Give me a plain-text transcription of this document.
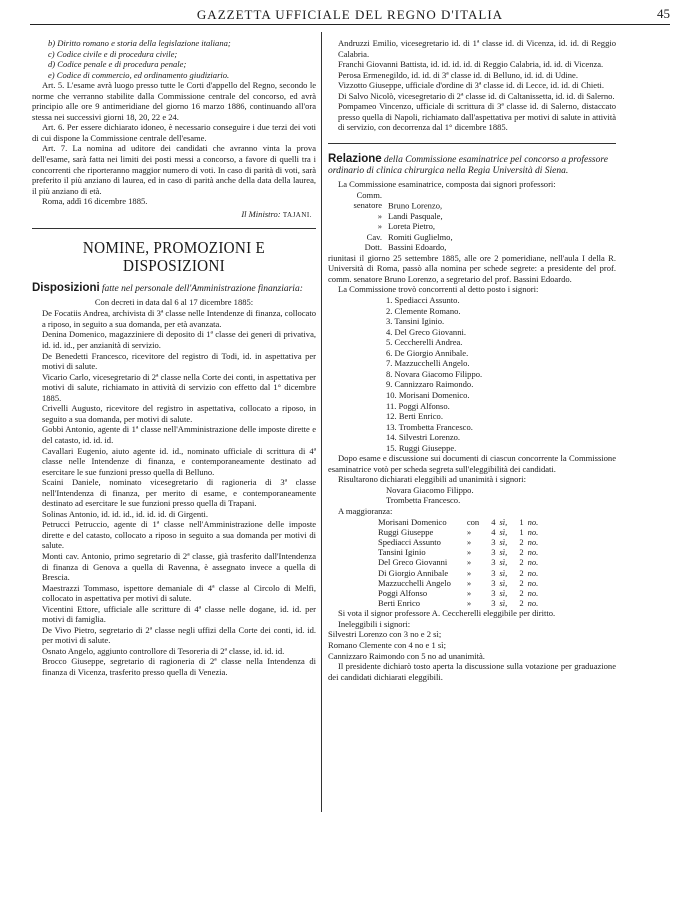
GAZZETTA UFFICIALE DEL REGNO D'ITALIA	45

b) Diritto romano e storia della legislazione italiana;

c) Codice civile e di procedura civile;

d) Codice penale e di procedura penale;

e) Codice di commercio, ed ordinamento giudiziario.

Art. 5. L'esame avrà luogo presso tutte le Corti d'appello del Regno, secondo le norme che verranno stabilite dalla Commissione centrale del concorso, ed avrà principio alle ore 9 antimeridiane del giorno 16 marzo 1886, continuando all'ora stessa nei successivi giorni 18, 20, 22 e 24.

Art. 6. Per essere dichiarato idoneo, è necessario conseguire i due terzi dei voti di cui dispone la Commissione centrale dell'esame.

Art. 7. La nomina ad uditore dei candidati che avranno vinta la prova dell'esame, sarà fatta nei limiti dei posti messi a concorso, a favore di quelli tra i concorrenti che riporteranno maggior numero di voti. In caso di parità di voti, sarà preferito il più anziano di laurea, ed in caso di parità anche della data della laurea, il più anziano di età.

Roma, addì 16 dicembre 1885.

Il Ministro: TAJANI.

NOMINE, PROMOZIONI E DISPOSIZIONI
Disposizioni fatte nel personale dell'Amministrazione finanziaria:

Con decreti in data dal 6 al 17 dicembre 1885:

De Focatiis Andrea, archivista di 3ª classe nelle Intendenze di finanza, collocato a riposo, in seguito a sua domanda, per età avanzata.

Denina Domenico, magazziniere di deposito di 1ª classe dei generi di privativa, id. id. id., per anzianità di servizio.

De Benedetti Francesco, ricevitore del registro di Todi, id. in aspettativa per motivi di salute.

Vicario Carlo, vicesegretario di 2ª classe nella Corte dei conti, in aspettativa per motivi di salute, richiamato in attività di servizio con effetto dal 1° dicembre 1885.

Crivelli Augusto, ricevitore del registro in aspettativa, collocato a riposo, in seguito a sua domanda, per motivi di salute.

Gobbi Antonio, agente di 1ª classe nell'Amministrazione delle imposte dirette e del catasto, id. id. id.

Cavallari Eugenio, aiuto agente id. id., nominato ufficiale di scrittura di 4ª classe nelle Intendenze di finanza, e contemporaneamente destinato ad esercitare le sue funzioni presso quella di Belluno.

Scaini Daniele, nominato vicesegretario di ragioneria di 3ª classe nell'Intendenza di finanza, per merito di esame, e contemporaneamente destinato ad esercitare le sue funzioni presso quella di Trapani.

Solinas Antonio, id. id. id., id. id. id. di Girgenti.

Petrucci Petruccio, agente di 1ª classe nell'Amministrazione delle imposte dirette e del catasto, collocato a riposo in seguito a sua domanda per motivi di salute.

Monti cav. Antonio, primo segretario di 2ª classe, già trasferito dall'Intendenza di finanza di Genova a quella di Ravenna, è assegnato invece a quella di Brescia.

Maestrazzi Tommaso, ispettore demaniale di 4ª classe al Circolo di Melfi, collocato in aspettativa per motivi di salute.

Vicentini Ettore, ufficiale alle scritture di 4ª classe nelle dogane, id. id. per motivi di famiglia.

De Vivo Pietro, segretario di 2ª classe negli uffizi della Corte dei conti, id. id. per motivi di salute.

Osnato Angelo, aggiunto controllore di Tesoreria di 2ª classe, id. id. id.

Brocco Giuseppe, segretario di ragioneria di 2ª classe nella Intendenza di finanza di Vicenza, trasferito presso quella di Venezia.

Andruzzi Emilio, vicesegretario id. di 1ª classe id. di Vicenza, id. id. di Reggio Calabria.

Franchi Giovanni Battista, id. id. id. id. di Reggio Calabria, id. id. di Vicenza.

Perosa Ermenegildo, id. id. di 3ª classe id. di Belluno, id. id. di Udine.

Vizzotto Giuseppe, ufficiale d'ordine di 3ª classe id. di Lecce, id. id. di Chieti.

Di Salvo Nicolò, vicesegretario di 2ª classe id. di Caltanissetta, id. id. di Salerno.

Pompameo Vincenzo, ufficiale di scrittura di 3ª classe id. di Salerno, distaccato presso quella di Napoli, richiamato dall'aspettativa per motivi di salute in attività di servizio, con decorrenza dal 1° dicembre 1885.

Relazione della Commissione esaminatrice pel concorso a professore ordinario di clinica chirurgica nella Regia Università di Siena.

La Commissione esaminatrice, composta dai signori professori:

Comm. senatore Bruno Lorenzo,

» Landi Pasquale,

» Loreta Pietro,

Cav. Romiti Guglielmo,

Dott. Bassini Edoardo,

riunitasi il giorno 25 settembre 1885, alle ore 2 pomeridiane, nell'aula I della R. Università di Roma, passò alla nomina per schede segrete: a presidente del prof. comm. senatore Bruno Lorenzo, a segretario del prof. Bassini Edoardo.

La Commissione trovò concorrenti al detto posto i signori:

1. Spediacci Assunto.

2. Clemente Romano.

3. Tansini Iginio.

4. Del Greco Giovanni.

5. Ceccherelli Andrea.

6. De Giorgio Annibale.

7. Mazzucchelli Angelo.

8. Novara Giacomo Filippo.

9. Cannizzaro Raimondo.

10. Morisani Domenico.

11. Poggi Alfonso.

12. Berti Enrico.

13. Trombetta Francesco.

14. Silvestri Lorenzo.

15. Ruggi Giuseppe.

Dopo esame e discussione sui documenti di ciascun concorrente la Commissione esaminatrice votò per scheda segreta sull'eleggibilità dei candidati.

Risultarono dichiarati eleggibili ad unanimità i signori:

Novara Giacomo Filippo.

Trombetta Francesco.

A maggioranza:

Morisani Domenico	con	4	sì,	1	no.
Ruggi Giuseppe	»	4	sì,	1	no.
Spediacci Assunto	»	3	sì,	2	no.
Tansini Iginio	»	3	sì,	2	no.
Del Greco Giovanni	»	3	sì,	2	no.
Di Giorgio Annibale	»	3	sì,	2	no.
Mazzucchelli Angelo	»	3	sì,	2	no.
Poggi Alfonso	»	3	sì,	2	no.
Berti Enrico	»	3	sì,	2	no.

Si vota il signor professore A. Ceccherelli eleggibile per diritto.

Ineleggibili i signori:

Silvestri Lorenzo con 3 no e 2 sì;

Romano Clemente con 4 no e 1 sì;

Cannizzaro Raimondo con 5 no ad unanimità.

Il presidente dichiarò tosto aperta la discussione sulla votazione per graduazione dei candidati dichiarati eleggibili.
